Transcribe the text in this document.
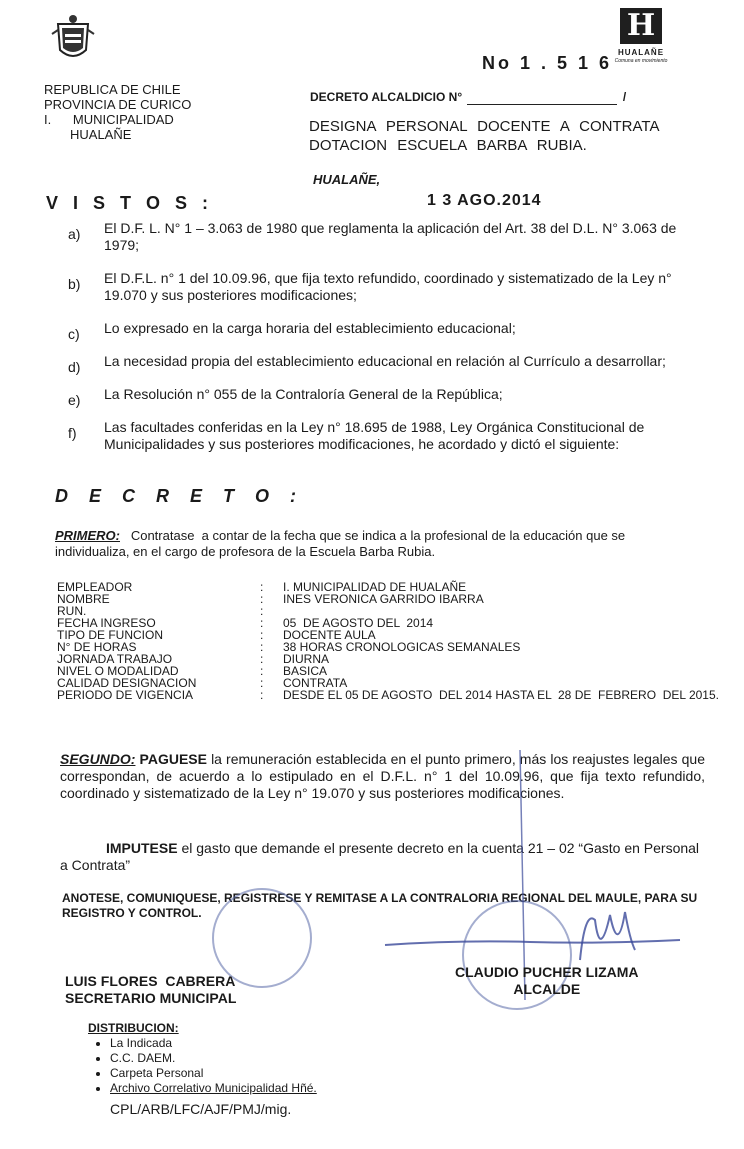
REPUBLICA DE CHILE
PROVINCIA DE CURICO
I.      MUNICIPALIDAD
HUALAÑE
H
HUALAÑE
Comuna en movimiento
No 1 . 5 1 6
DECRETO ALCALDICIO N°	/
DESIGNA PERSONAL DOCENTE A CONTRATA DOTACION ESCUELA BARBA RUBIA.
HUALAÑE,
1 3 AGO.2014
V I S T O S :
a) El D.F. L. N° 1 – 3.063 de 1980 que reglamenta la aplicación del Art. 38 del D.L. N° 3.063 de 1979;
b) El D.F.L. n° 1 del 10.09.96, que fija texto refundido, coordinado y sistematizado de la Ley n° 19.070 y sus posteriores modificaciones;
c) Lo expresado en la carga horaria del establecimiento educacional;
d) La necesidad propia del establecimiento educacional en relación al Currículo a desarrollar;
e) La Resolución n° 055 de la Contraloría General de la República;
f) Las facultades conferidas en la Ley n° 18.695 de 1988, Ley Orgánica Constitucional de Municipalidades y sus posteriores modificaciones, he acordado y dictó el siguiente:
D E C R E T O :
PRIMERO:   Contratase  a contar de la fecha que se indica a la profesional de la educación que se individualiza, en el cargo de profesora de la Escuela Barba Rubia.
EMPLEADOR	: I. MUNICIPALIDAD DE HUALAÑE
NOMBRE	: INES VERONICA GARRIDO IBARRA
RUN.	:
FECHA INGRESO	: 05  DE AGOSTO DEL  2014
TIPO DE FUNCION	: DOCENTE AULA
N° DE HORAS	: 38 HORAS CRONOLOGICAS SEMANALES
JORNADA TRABAJO	: DIURNA
NIVEL O MODALIDAD	: BASICA
CALIDAD DESIGNACION	: CONTRATA
PERIODO DE VIGENCIA	: DESDE EL 05 DE AGOSTO  DEL 2014 HASTA EL  28 DE  FEBRERO  DEL 2015.
SEGUNDO: PAGUESE la remuneración establecida en el punto primero, más los reajustes legales que correspondan, de acuerdo a lo estipulado en el D.F.L. n° 1 del 10.09.96, que fija texto refundido, coordinado y sistematizado de la Ley n° 19.070 y sus posteriores modificaciones.
IMPUTESE el gasto que demande el presente decreto en la cuenta 21 – 02 “Gasto en Personal a Contrata”
ANOTESE, COMUNIQUESE, REGISTRESE Y REMITASE A LA CONTRALORIA REGIONAL DEL MAULE, PARA SU REGISTRO Y CONTROL.
LUIS FLORES  CABRERA
SECRETARIO MUNICIPAL
CLAUDIO PUCHER LIZAMA
ALCALDE
DISTRIBUCION:
• La Indicada
• C.C. DAEM.
• Carpeta Personal
• Archivo Correlativo Municipalidad Hñé.
CPL/ARB/LFC/AJF/PMJ/mig.
